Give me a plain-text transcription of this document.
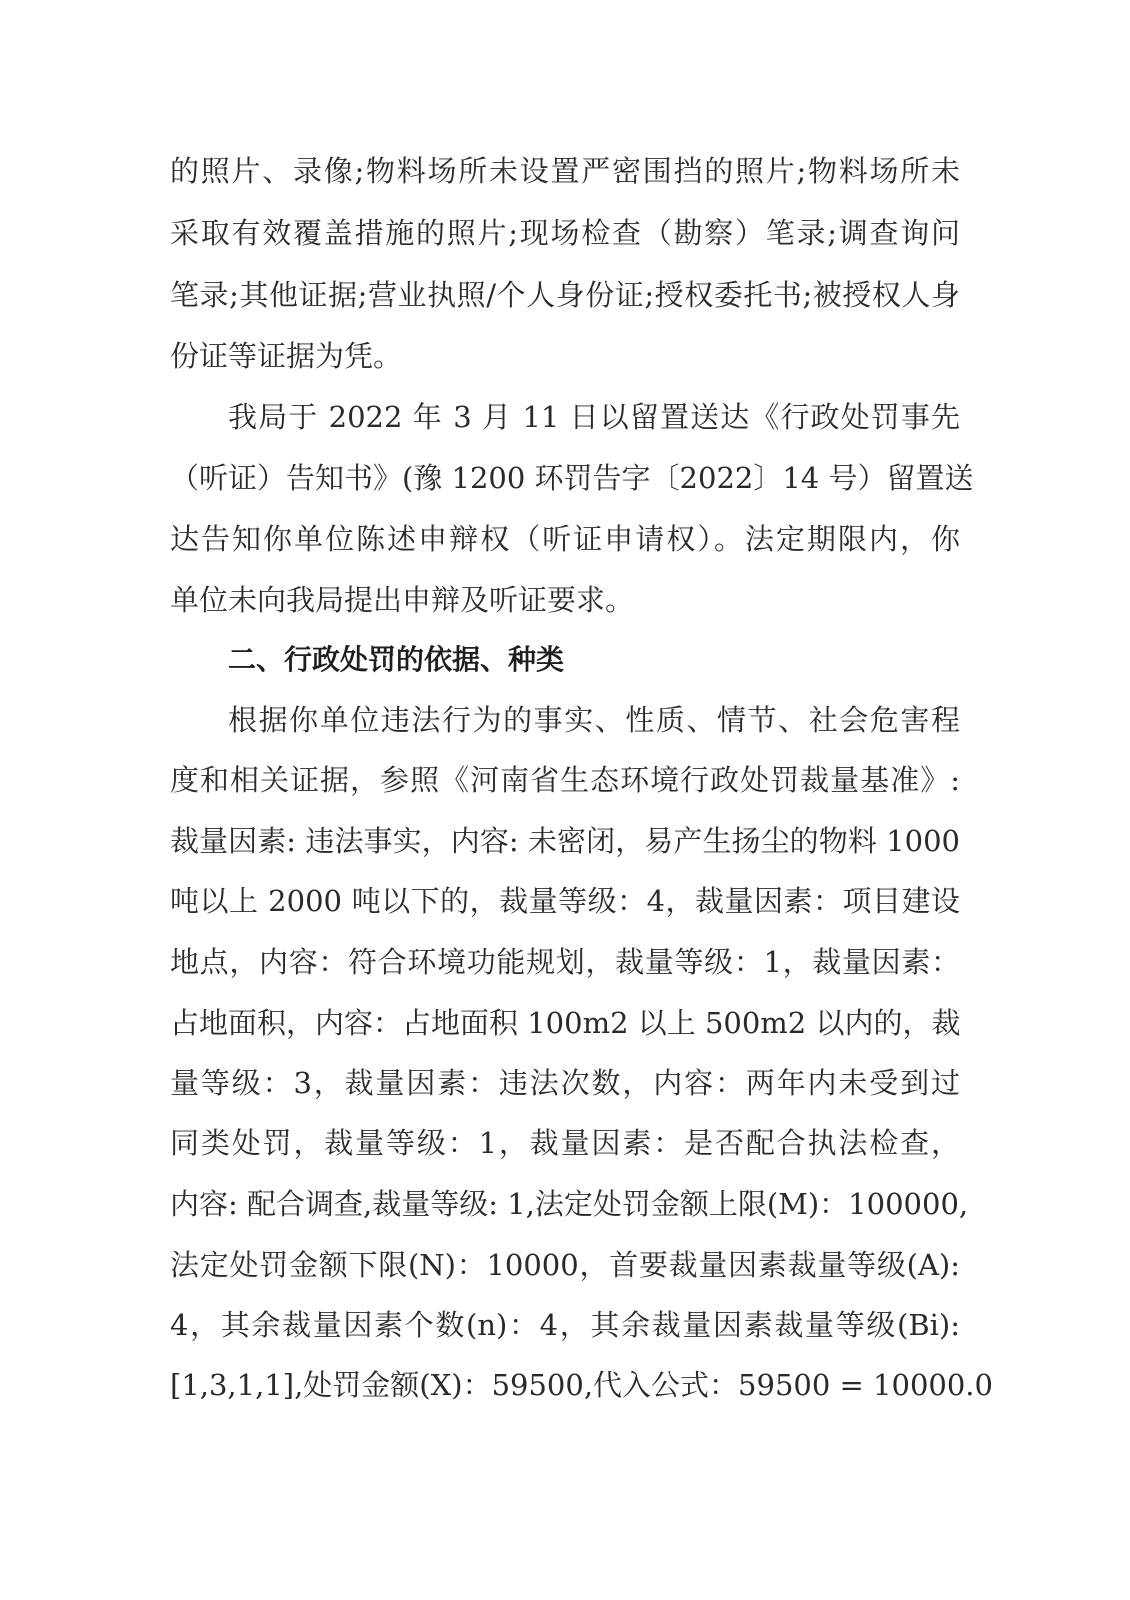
的照片、录像;物料场所未设置严密围挡的照片;物料场所未
采取有效覆盖措施的照片;现场检查（勘察）笔录;调查询问
笔录;其他证据;营业执照/个人身份证;授权委托书;被授权人身
份证等证据为凭。
我局于 2022 年 3 月 11 日以留置送达《行政处罚事先
（听证）告知书》(豫 1200 环罚告字〔2022〕14 号）留置送
达告知你单位陈述申辩权（听证申请权）。法定期限内，你
单位未向我局提出申辩及听证要求。
二、行政处罚的依据、种类
根据你单位违法行为的事实、性质、情节、社会危害程
度和相关证据，参照《河南省生态环境行政处罚裁量基准》:
裁量因素: 违法事实，内容: 未密闭，易产生扬尘的物料 1000
吨以上 2000 吨以下的，裁量等级：4，裁量因素：项目建设
地点，内容：符合环境功能规划，裁量等级：1，裁量因素：
占地面积，内容：占地面积 100m2 以上 500m2 以内的，裁
量等级：3，裁量因素：违法次数，内容：两年内未受到过
同类处罚，裁量等级：1，裁量因素：是否配合执法检查，
内容: 配合调查,裁量等级: 1,法定处罚金额上限(M)：100000,
法定处罚金额下限(N)：10000，首要裁量因素裁量等级(A):
4，其余裁量因素个数(n)：4，其余裁量因素裁量等级(Bi):
[1,3,1,1],处罚金额(X)：59500,代入公式：59500 = 10000.0
